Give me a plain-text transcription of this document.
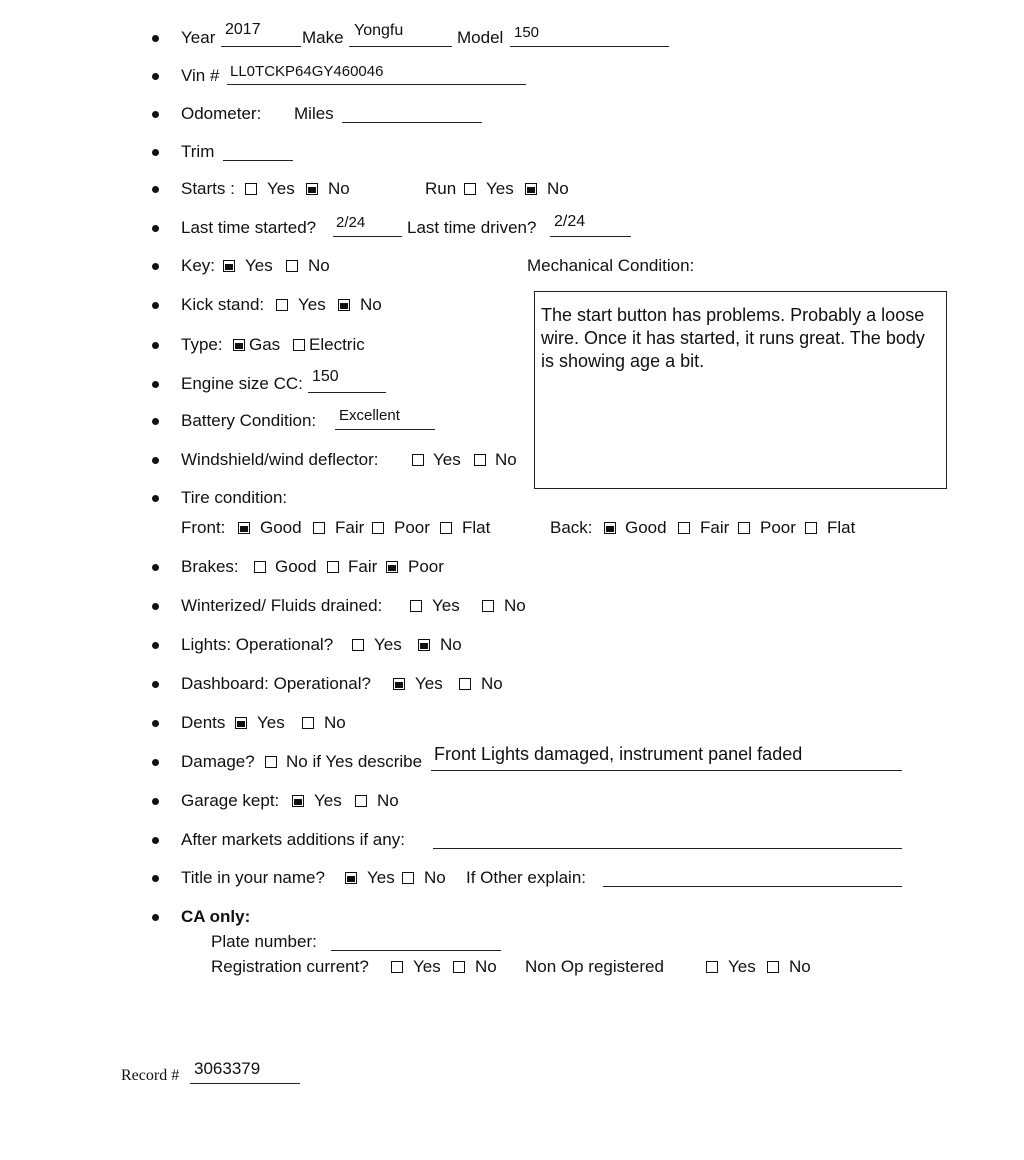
Year 2017 Make Yongfu	Model 150
Vin # LL0TCKP64GY460046
Odometer: Miles
Trim
Starts : Yes No	Run Yes No
Last time started? 2/24 Last time driven? 2/24
Key: Yes No	Mechanical Condition:

The start button has problems. Probably a loose wire. Once it has started, it runs great. The body is showing age a bit.

Kick stand: Yes No
Type: Gas Electric
Engine size CC: 150
Battery Condition: Excellent
Windshield/wind deflector:	Yes No
Tire condition:
Front: Good Fair Poor Flat	Back: Good Fair Poor Flat
Brakes: Good Fair Poor
Winterized/ Fluids drained:	Yes	No
Lights: Operational? Yes No
Dashboard: Operational?	Yes No
Dents Yes No
Damage? No if Yes describe Front Lights damaged, instrument panel faded
Garage kept: Yes No
After markets additions if any:
Title in your name? Yes No If Other explain:
CA only:
Plate number:
Registration current?	Yes No Non Op registered	Yes No
Record # 3063379
